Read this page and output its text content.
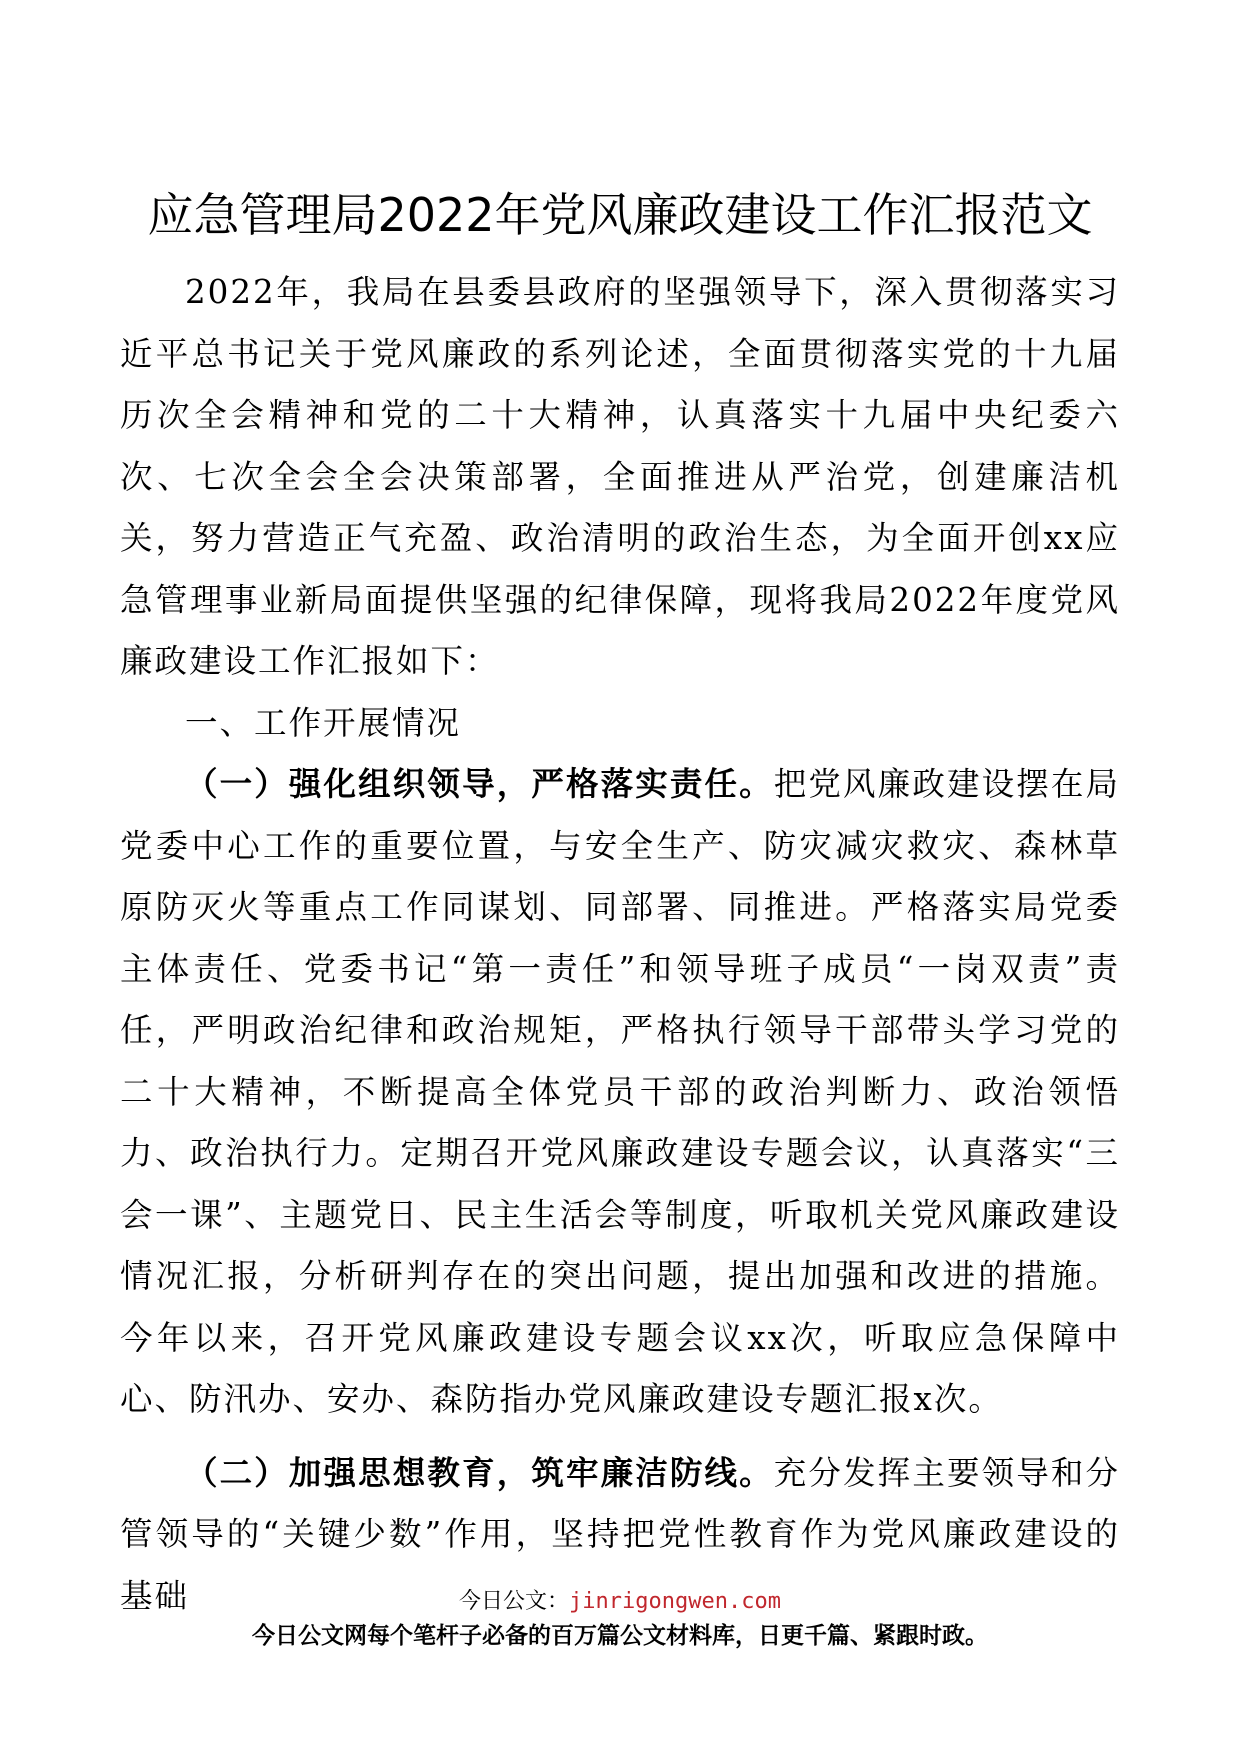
应急管理局2022年党风廉政建设工作汇报范文

2022年，我局在县委县政府的坚强领导下，深入贯彻落实习近平总书记关于党风廉政的系列论述，全面贯彻落实党的十九届历次全会精神和党的二十大精神，认真落实十九届中央纪委六次、七次全会全会决策部署，全面推进从严治党，创建廉洁机关，努力营造正气充盈、政治清明的政治生态，为全面开创xx应急管理事业新局面提供坚强的纪律保障，现将我局2022年度党风廉政建设工作汇报如下：

一、工作开展情况

（一）强化组织领导，严格落实责任。把党风廉政建设摆在局党委中心工作的重要位置，与安全生产、防灾减灾救灾、森林草原防灭火等重点工作同谋划、同部署、同推进。严格落实局党委主体责任、党委书记“第一责任”和领导班子成员“一岗双责”责任，严明政治纪律和政治规矩，严格执行领导干部带头学习党的二十大精神，不断提高全体党员干部的政治判断力、政治领悟力、政治执行力。定期召开党风廉政建设专题会议，认真落实“三会一课”、主题党日、民主生活会等制度，听取机关党风廉政建设情况汇报，分析研判存在的突出问题，提出加强和改进的措施。今年以来，召开党风廉政建设专题会议xx次，听取应急保障中心、防汛办、安办、森防指办党风廉政建设专题汇报x次。

（二）加强思想教育，筑牢廉洁防线。充分发挥主要领导和分管领导的“关键少数”作用，坚持把党性教育作为党风廉政建设的基础	今日公文：jinrigongwen.com
今日公文网每个笔杆子必备的百万篇公文材料库，日更千篇、紧跟时政。
